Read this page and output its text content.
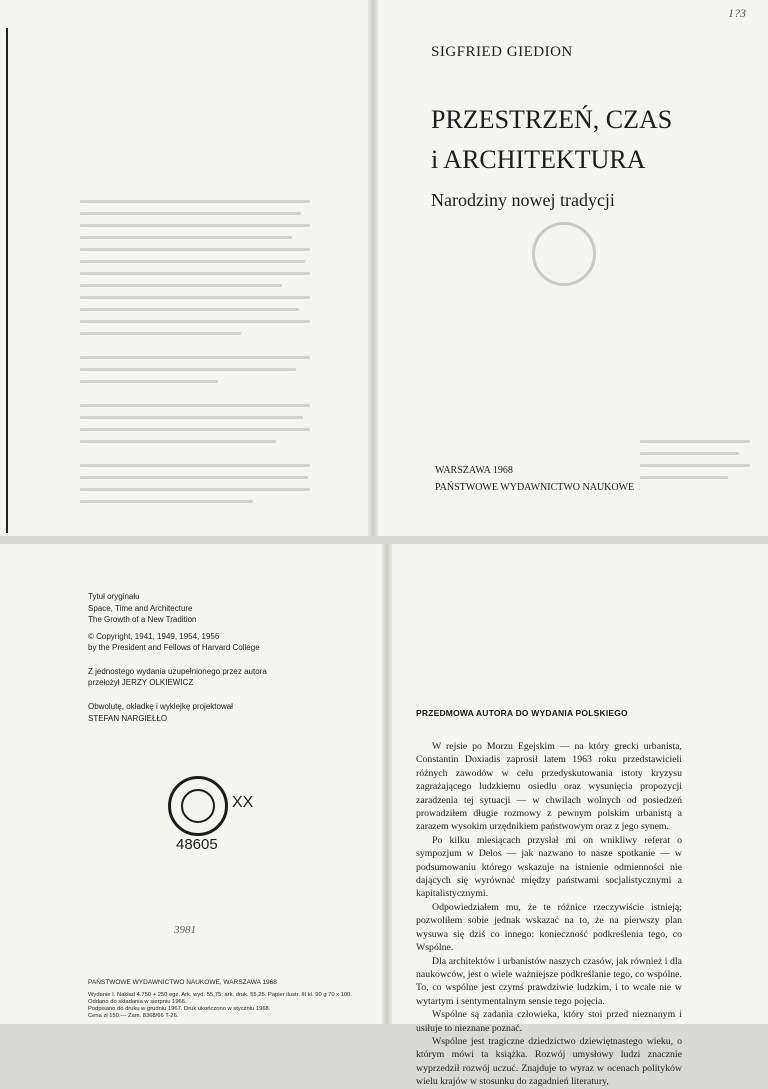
1?3
SIGFRIED GIEDION
PRZESTRZEŃ, CZAS
i ARCHITEKTURA
Narodziny nowej tradycji
WARSZAWA 1968
PAŃSTWOWE WYDAWNICTWO NAUKOWE
Tytuł oryginału
Space, Time and Architecture
The Growth of a New Tradition
© Copyright, 1941, 1949, 1954, 1956
by the President and Fellows of Harvard College
Z jednostego wydania uzupełnionego przez autora
przełożył JERZY OLKIEWICZ
Obwolutę, okładkę i wyklejkę projektował
STEFAN NARGIEŁŁO
XX
48605
3981
PAŃSTWOWE WYDAWNICTWO NAUKOWE, WARSZAWA 1968
Wydanie I. Nakład 4.750 + 250 egz. Ark. wyd. 55,75; ark. druk. 55,25. Papier ilustr. III kl. 90 g 70 x 100.
Oddano do składania w sierpniu 1966.
Podpisano do druku w grudniu 1967. Druk ukończono w styczniu 1968.
Cena zł 150.— Zam. 8368/66 T-26.
PRZEDMOWA AUTORA DO WYDANIA POLSKIEGO

W rejsie po Morzu Egejskim — na który grecki urbanista, Constantin Doxiadis zaprosił latem 1963 roku przedstawicieli różnych zawodów w celu przedyskutowania istoty kryzysu zagrażającego ludzkiemu osiedlu oraz wysunięcia propozycji zaradzenia tej sytuacji — w chwilach wolnych od posiedzeń prowadziłem długie rozmowy z pewnym polskim urbanistą a zarazem wysokim urzędnikiem państwowym oraz z jego synem.

Po kilku miesiącach przysłał mi on wnikliwy referat o sympozjum w Delos — jak nazwano to nasze spotkanie — w podsumowaniu którego wskazuje na istnienie odmienności nie dających się wyrównać między państwami socjalistycznymi a kapitalistycznymi.

Odpowiedziałem mu, że te różnice rzeczywiście istnieją; pozwoliłem sobie jednak wskazać na to, że na pierwszy plan wysuwa się dziś co innego: konieczność podkreślenia tego, co Wspólne.

Dla architektów i urbanistów naszych czasów, jak również i dla naukowców, jest o wiele ważniejsze podkreślanie tego, co wspólne. To, co wspólne jest czymś prawdziwie ludzkim, i to wcale nie w wytartym i sentymentalnym sensie tego pojęcia.

Wspólne są zadania człowieka, który stoi przed nieznanym i usiłuje to nieznane poznać.

Wspólne jest tragiczne dziedzictwo dziewiętnastego wieku, o którym mówi ta książka. Rozwój umysłowy ludzi znacznie wyprzedził rozwój uczuć. Znajduje to wyraz w ocenach polityków wielu krajów w stosunku do zagadnień literatury,
